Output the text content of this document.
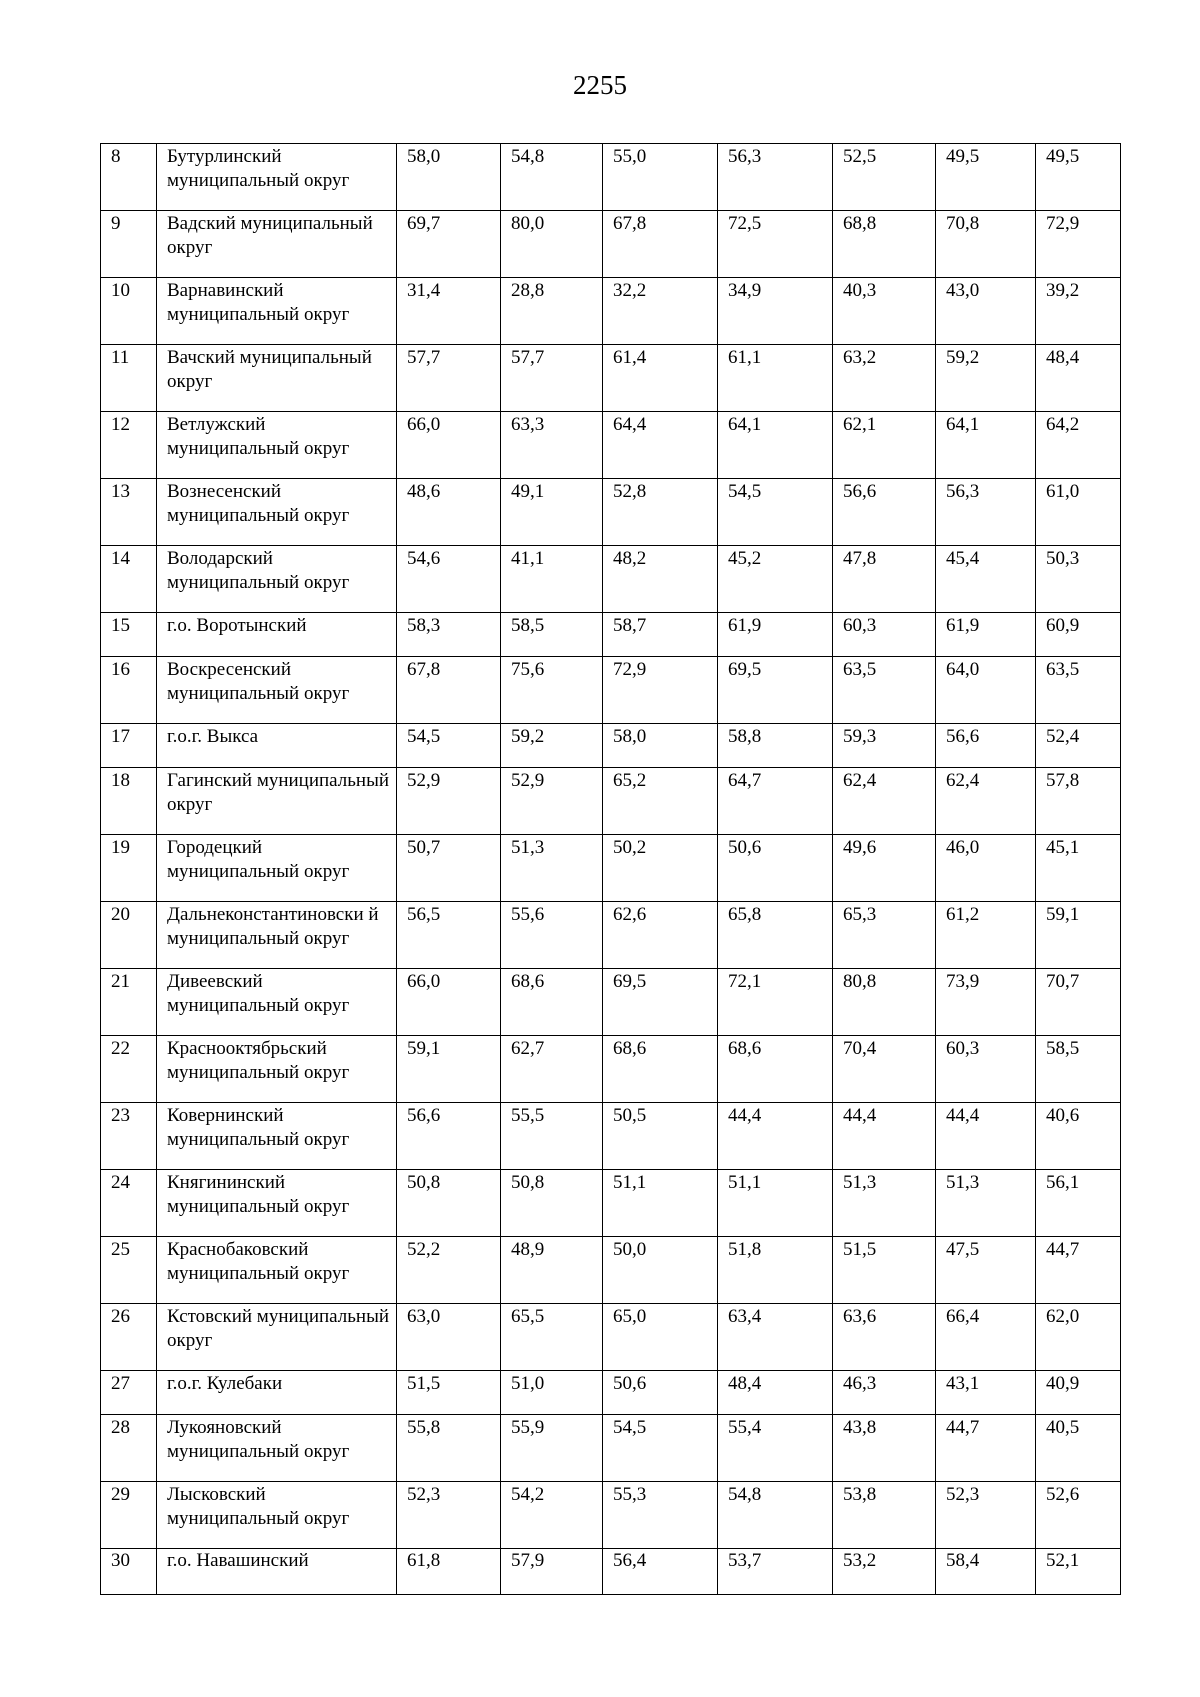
2255
8	Бутурлинский муниципальный округ	58,0	54,8	55,0	56,3	52,5	49,5	49,5
9	Вадский муниципальный округ	69,7	80,0	67,8	72,5	68,8	70,8	72,9
10	Варнавинский муниципальный округ	31,4	28,8	32,2	34,9	40,3	43,0	39,2
11	Вачский муниципальный округ	57,7	57,7	61,4	61,1	63,2	59,2	48,4
12	Ветлужский муниципальный округ	66,0	63,3	64,4	64,1	62,1	64,1	64,2
13	Вознесенский муниципальный округ	48,6	49,1	52,8	54,5	56,6	56,3	61,0
14	Володарский муниципальный округ	54,6	41,1	48,2	45,2	47,8	45,4	50,3
15	г.о. Воротынский	58,3	58,5	58,7	61,9	60,3	61,9	60,9
16	Воскресенский муниципальный округ	67,8	75,6	72,9	69,5	63,5	64,0	63,5
17	г.о.г. Выкса	54,5	59,2	58,0	58,8	59,3	56,6	52,4
18	Гагинский муниципальный округ	52,9	52,9	65,2	64,7	62,4	62,4	57,8
19	Городецкий муниципальный округ	50,7	51,3	50,2	50,6	49,6	46,0	45,1
20	Дальнеконстантиновски й муниципальный округ	56,5	55,6	62,6	65,8	65,3	61,2	59,1
21	Дивеевский муниципальный округ	66,0	68,6	69,5	72,1	80,8	73,9	70,7
22	Краснооктябрьский муниципальный округ	59,1	62,7	68,6	68,6	70,4	60,3	58,5
23	Ковернинский муниципальный округ	56,6	55,5	50,5	44,4	44,4	44,4	40,6
24	Княгининский муниципальный округ	50,8	50,8	51,1	51,1	51,3	51,3	56,1
25	Краснобаковский муниципальный округ	52,2	48,9	50,0	51,8	51,5	47,5	44,7
26	Кстовский муниципальный округ	63,0	65,5	65,0	63,4	63,6	66,4	62,0
27	г.о.г. Кулебаки	51,5	51,0	50,6	48,4	46,3	43,1	40,9
28	Лукояновский муниципальный округ	55,8	55,9	54,5	55,4	43,8	44,7	40,5
29	Лысковский муниципальный округ	52,3	54,2	55,3	54,8	53,8	52,3	52,6
30	г.о. Навашинский	61,8	57,9	56,4	53,7	53,2	58,4	52,1
